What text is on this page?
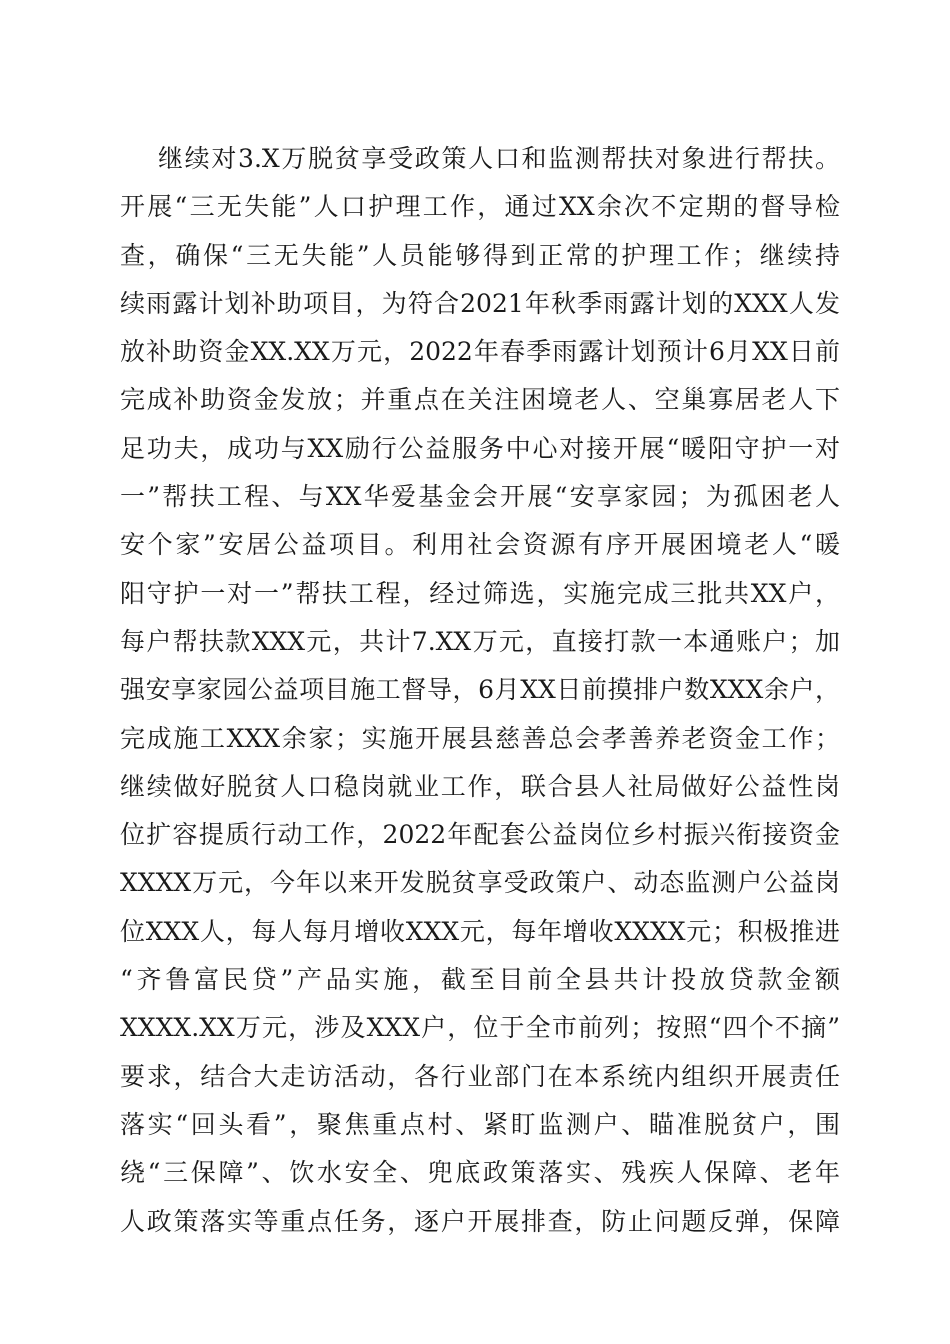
继续对3.X万脱贫享受政策人口和监测帮扶对象进行帮扶。
开展“三无失能”人口护理工作，通过XX余次不定期的督导检
查，确保“三无失能”人员能够得到正常的护理工作；继续持
续雨露计划补助项目，为符合2021年秋季雨露计划的XXX人发
放补助资金XX.XX万元，2022年春季雨露计划预计6月XX日前
完成补助资金发放；并重点在关注困境老人、空巢寡居老人下
足功夫，成功与XX励行公益服务中心对接开展“暖阳守护一对
一”帮扶工程、与XX华爱基金会开展“安享家园；为孤困老人
安个家”安居公益项目。利用社会资源有序开展困境老人“暖
阳守护一对一”帮扶工程，经过筛选，实施完成三批共XX户，
每户帮扶款XXX元，共计7.XX万元，直接打款一本通账户；加
强安享家园公益项目施工督导，6月XX日前摸排户数XXX余户，
完成施工XXX余家；实施开展县慈善总会孝善养老资金工作；
继续做好脱贫人口稳岗就业工作，联合县人社局做好公益性岗
位扩容提质行动工作，2022年配套公益岗位乡村振兴衔接资金
XXXX万元，今年以来开发脱贫享受政策户、动态监测户公益岗
位XXX人，每人每月增收XXX元，每年增收XXXX元；积极推进
“齐鲁富民贷”产品实施，截至目前全县共计投放贷款金额
XXXX.XX万元，涉及XXX户，位于全市前列；按照“四个不摘”
要求，结合大走访活动，各行业部门在本系统内组织开展责任
落实“回头看”，聚焦重点村、紧盯监测户、瞄准脱贫户，围
绕“三保障”、饮水安全、兜底政策落实、残疾人保障、老年
人政策落实等重点任务，逐户开展排查，防止问题反弹，保障
